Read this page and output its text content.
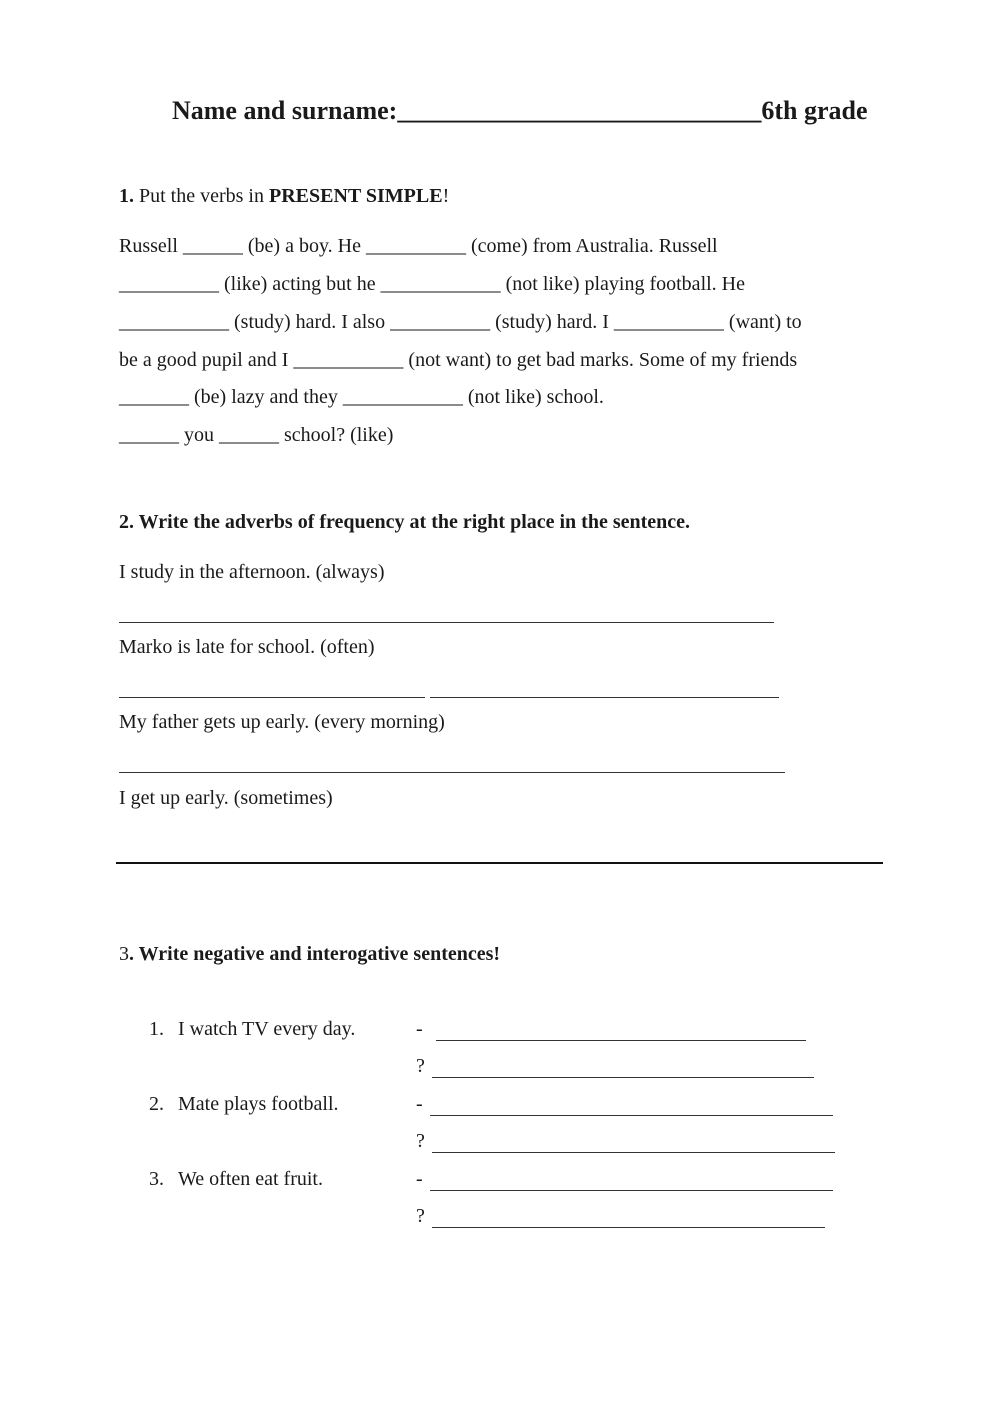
Name and surname:____________________________6th grade
1. Put the verbs in PRESENT SIMPLE!
Russell ______ (be) a boy. He __________ (come) from Australia. Russell
__________ (like) acting but he ____________ (not like) playing football. He
___________ (study) hard. I also __________ (study) hard. I ___________ (want) to
be a good pupil and I ___________ (not want) to get bad marks. Some of my friends
_______ (be) lazy and they ____________ (not like) school.
______ you ______ school? (like)
2. Write the adverbs of frequency at the right place in the sentence.
I study in the afternoon. (always)
Marko is late for school. (often)
My father gets up early. (every morning)
I get up early. (sometimes)
3. Write negative and interogative sentences!
1. I watch TV every day.	-
?
2. Mate plays football.	-
?
3. We often eat fruit.	-
?
